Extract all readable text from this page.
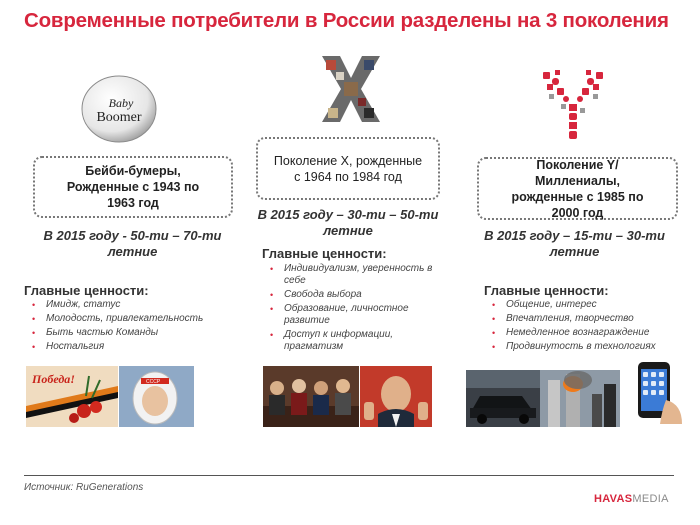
Современные потребители в России разделены на 3 поколения
Baby
Boomer
Бейби-бумеры, Рожденные с 1943 по 1963 год
В 2015 году - 50-ти – 70-ти летние
Главные ценности:
• Имидж, статус
• Молодость, привлекательность
• Быть частью Команды
• Ностальгия
Победа!	CCCP
Поколение Х, рожденные с 1964 по 1984 год
В 2015 году – 30-ти – 50-ти летние
Главные ценности:
• Индивидуализм, уверенность в себе
• Свобода выбора
• Образование, личностное развитие
• Доступ к информации, прагматизм
Поколение Y/ Миллениалы, рожденные с 1985 по 2000 год
В 2015 году – 15-ти – 30-ти летние
Главные ценности:
• Общение, интерес
• Впечатления, творчество
• Немедленное вознаграждение
• Продвинутость в технологиях
Источник: RuGenerations
HAVASMEDIA
